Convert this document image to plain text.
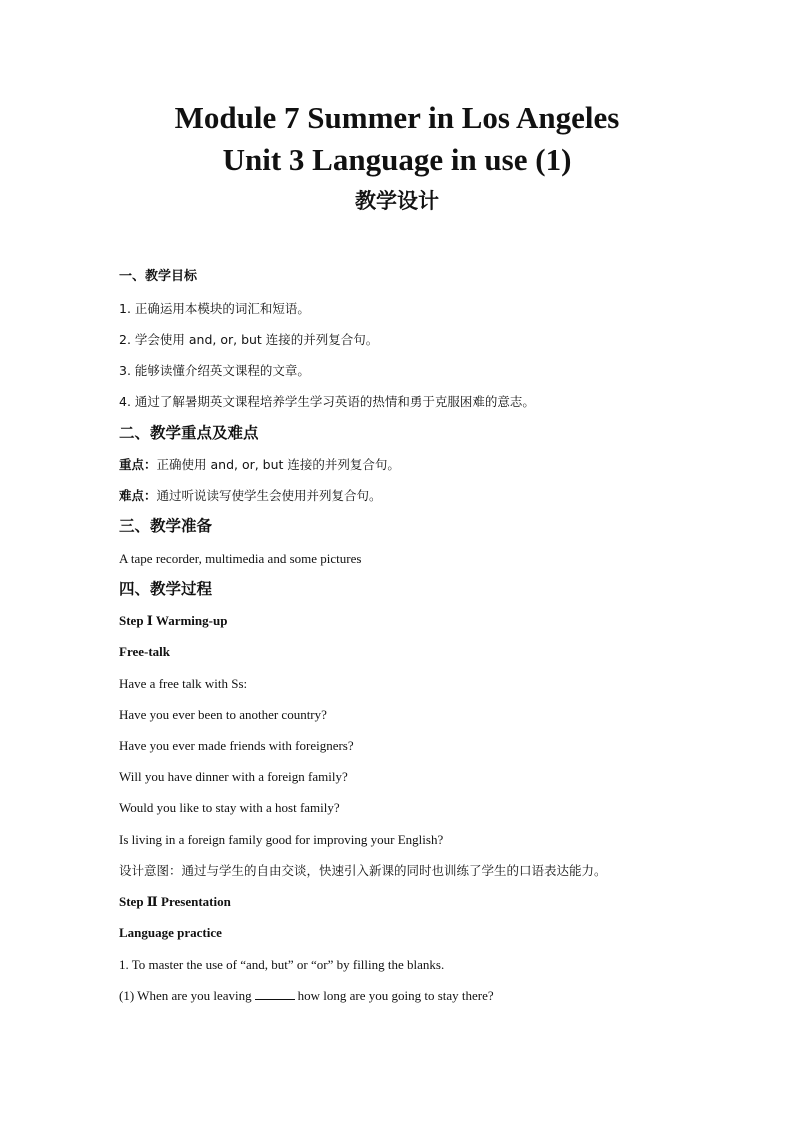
Module 7 Summer in Los Angeles
Unit 3 Language in use (1)
教学设计
一、教学目标
1. 正确运用本模块的词汇和短语。
2. 学会使用 and, or, but 连接的并列复合句。
3. 能够读懂介绍英文课程的文章。
4. 通过了解暑期英文课程培养学生学习英语的热情和勇于克服困难的意志。
二、教学重点及难点
重点：正确使用 and, or, but 连接的并列复合句。
难点：通过听说读写使学生会使用并列复合句。
三、教学准备
A tape recorder, multimedia and some pictures
四、教学过程
Step Ⅰ Warming-up
Free-talk
Have a free talk with Ss:
Have you ever been to another country?
Have you ever made friends with foreigners?
Will you have dinner with a foreign family?
Would you like to stay with a host family?
Is living in a foreign family good for improving your English?
设计意图：通过与学生的自由交谈，快速引入新课的同时也训练了学生的口语表达能力。
Step Ⅱ Presentation
Language practice
1. To master the use of “and, but” or “or” by filling the blanks.
(1) When are you leaving	how long are you going to stay there?
